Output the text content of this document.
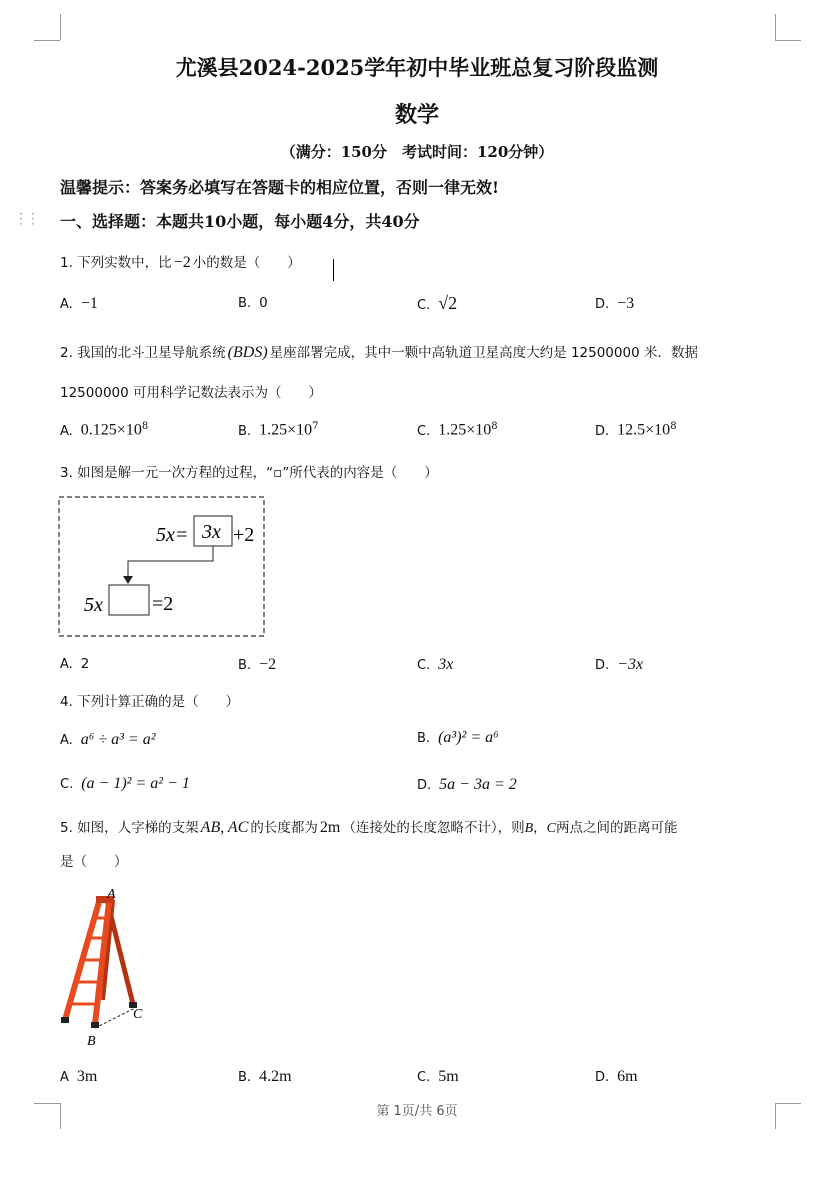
尤溪县2024-2025学年初中毕业班总复习阶段监测
数学
（满分：150分　考试时间：120分钟）
温馨提示：答案务必填写在答题卡的相应位置，否则一律无效!
⋮⋮ 一、选择题：本题共10小题，每小题4分，共40分
1. 下列实数中，比 −2 小的数是（　　）
A. −1	B. 0	C. √2	D. −3
2. 我国的北斗卫星导航系统 (BDS) 星座部署完成，其中一颗中高轨道卫星高度大约是 12500000 米．数据
12500000 可用科学记数法表示为（　　）
A. $0.125\times 10^8$	B. $1.25\times 10^7$	C. $1.25\times 10^8$	D. $12.5\times 10^8$
3. 如图是解一元一次方程的过程，“▫”所代表的内容是（　　）
5x= 3x +2
5x =2
A. 2	B. −2	C. 3x	D. −3x
4. 下列计算正确的是（　　）
A. a⁶ ÷ a³ = a²	B. (a³)² = a⁶
C. (a − 1)² = a² − 1	D. 5a − 3a = 2
5. 如图，人字梯的支架 AB, AC 的长度都为 2m （连接处的长度忽略不计），则B，C两点之间的距离可能
是（　　）
A
B
C
A 3m	B. 4.2m	C. 5m	D. 6m
第 1页/共 6页
